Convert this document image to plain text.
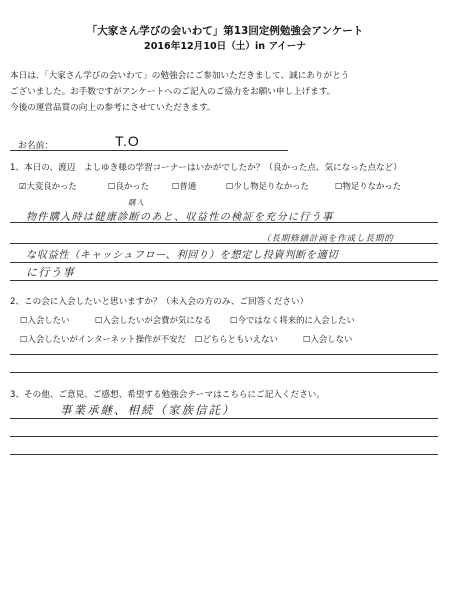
「大家さん学びの会いわて」第13回定例勉強会アンケート
2016年12月10日（土）in アイーナ
本日は、「大家さん学びの会いわて」の勉強会にご参加いただきまして、誠にありがとう
ございました。お手数ですがアンケートへのご記入のご協力をお願い申し上げます。
今後の運営品質の向上の参考にさせていただきます。
お名前：	T.O
1、本日の、渡辺　よしゆき様の学習コーナーはいかがでしたか？（良かった点、気になった点など）
☑大変良かった	☐良かった	☐普通	☐少し物足りなかった	☐物足りなかった
購入
物件購入時は健康診断のあと、収益性の検証を充分に行う事
（長期修繕計画を作成し長期的
な収益性（キャッシュフロー、利回り）を想定し投資判断を適切
に行う事
2、この会に入会したいと思いますか？（未入会の方のみ、ご回答ください）
☐入会したい	☐入会したいが会費が気になる ☐今ではなく将来的に入会したい
☐入会したいがインターネット操作が不安だ ☐どちらともいえない	☐入会しない
3、その他、ご意見、ご感想、希望する勉強会テーマはこちらにご記入ください。
事業承継、相続（家族信託）
